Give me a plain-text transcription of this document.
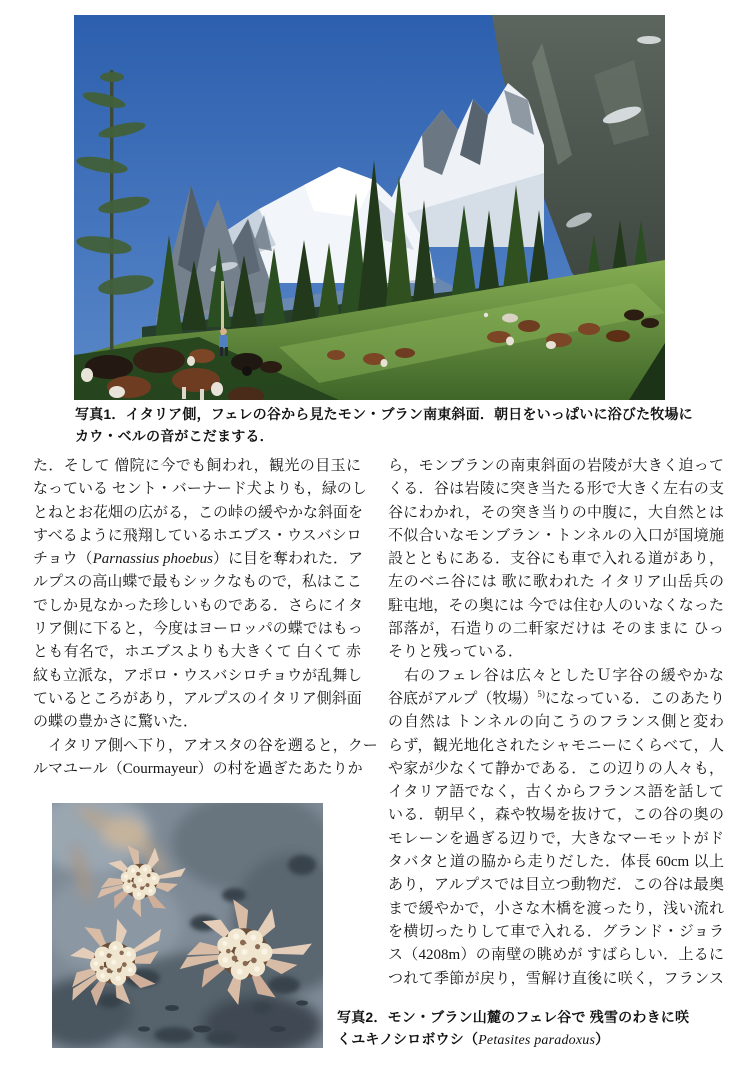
写真1．イタリア側，フェレの谷から見たモン・ブラン南東斜面．朝日をいっぱいに浴びた牧場に
カウ・ベルの音がこだまする．
た．そして 僧院に今でも飼われ，観光の目玉に
なっている セント・バーナード犬よりも，緑のし
とねとお花畑の広がる，この峠の緩やかな斜面を
すべるように飛翔しているホエブス・ウスバシロ
チョウ（Parnassius phoebus）に目を奪われた．ア
ルプスの高山蝶で最もシックなもので，私はここ
でしか見なかった珍しいものである．さらにイタ
リア側に下ると，今度はヨーロッパの蝶ではもっ
とも有名で，ホエブスよりも大きくて 白くて 赤
紋も立派な，アポロ・ウスバシロチョウが乱舞し
ているところがあり，アルプスのイタリア側斜面
の蝶の豊かさに驚いた．
　イタリア側へ下り，アオスタの谷を遡ると，クー
ルマユール（Courmayeur）の村を過ぎたあたりか
ら，モンブランの南東斜面の岩陵が大きく迫って
くる．谷は岩陵に突き当たる形で大きく左右の支
谷にわかれ，その突き当りの中腹に，大自然とは
不似合いなモンブラン・トンネルの入口が国境施
設とともにある．支谷にも車で入れる道があり，
左のベニ谷には 歌に歌われた イタリア山岳兵の
駐屯地，その奥には 今では住む人のいなくなった
部落が，石造りの二軒家だけは そのままに ひっ
そりと残っている．
　右のフェレ谷は広々としたＵ字谷の緩やかな
谷底がアルプ（牧場）$^{5)}$になっている．このあたり
の自然は トンネルの向こうのフランス側と変わ
らず，観光地化されたシャモニーにくらべて，人
や家が少なくて静かである．この辺りの人々も，
イタリア語でなく，古くからフランス語を話して
いる．朝早く，森や牧場を抜けて，この谷の奥の
モレーンを過ぎる辺りで，大きなマーモットがド
タバタと道の脇から走りだした．体長 60cm 以上
あり，アルプスでは目立つ動物だ．この谷は最奥
まで緩やかで，小さな木橋を渡ったり，浅い流れ
を横切ったりして車で入れる．グランド・ジョラ
ス（4208m）の南壁の眺めが すばらしい．上るに
つれて季節が戻り，雪解け直後に咲く，フランス
写真2．モン・ブラン山麓のフェレ谷で 残雪のわきに咲
くユキノシロボウシ（Petasites paradoxus）
